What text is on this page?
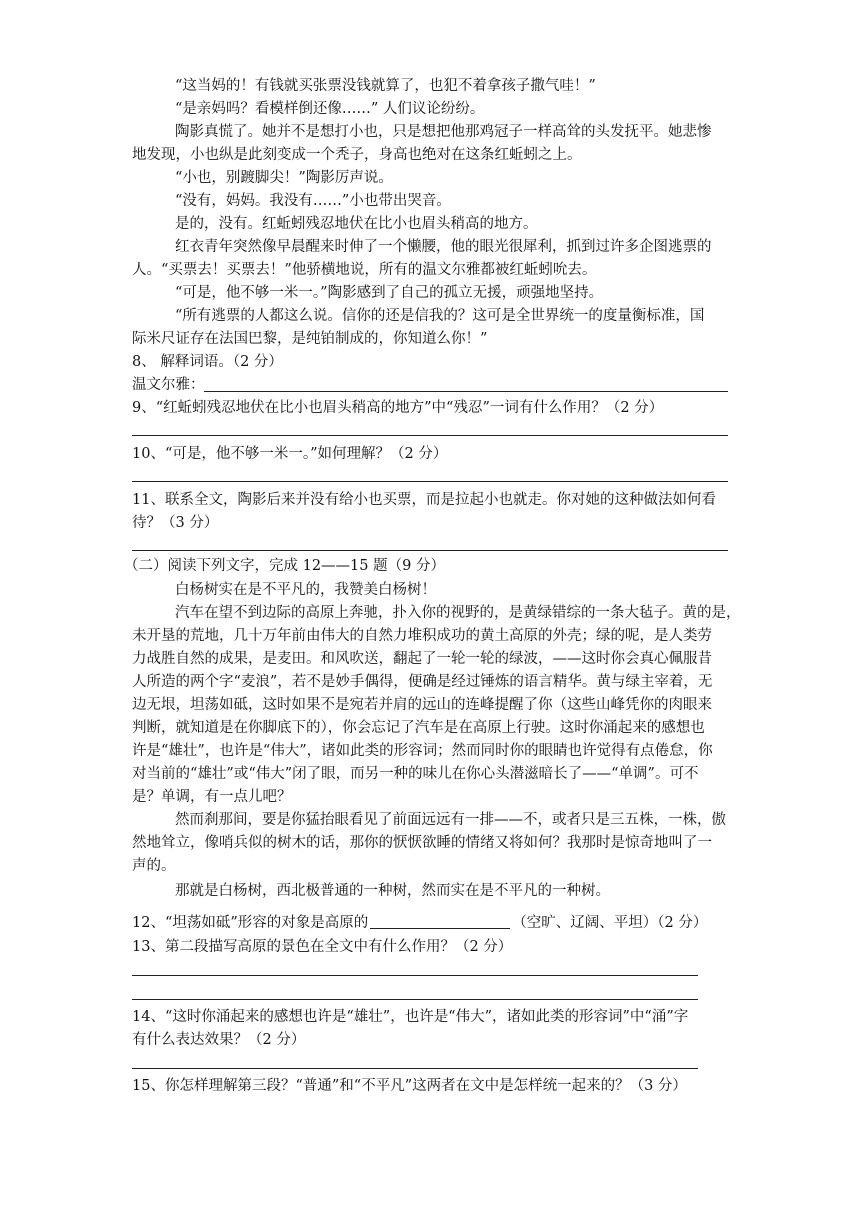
“这当妈的！有钱就买张票没钱就算了，也犯不着拿孩子撒气哇！”
“是亲妈吗？看模样倒还像……” 人们议论纷纷。
陶影真慌了。她并不是想打小也，只是想把他那鸡冠子一样高耸的头发抚平。她悲惨
地发现，小也纵是此刻变成一个秃子，身高也绝对在这条红蚯蚓之上。
“小也，别踱脚尖！”陶影厉声说。
“没有，妈妈。我没有……”小也带出哭音。
是的，没有。红蚯蚓残忍地伏在比小也眉头稍高的地方。
红衣青年突然像早晨醒来时伸了一个懒腰，他的眼光很犀利，抓到过许多企图逃票的
人。“买票去！买票去！”他骄横地说，所有的温文尔雅都被红蚯蚓吮去。
“可是，他不够一米一。”陶影感到了自己的孤立无援，顽强地坚持。
“所有逃票的人都这么说。信你的还是信我的？这可是全世界统一的度量衡标准，国
际米尺证存在法国巴黎，是纯铂制成的，你知道么你！”
8、 解释词语。（2 分）
温文尔雅：
9、“红蚯蚓残忍地伏在比小也眉头稍高的地方”中“残忍”一词有什么作用？（2 分）
10、“可是，他不够一米一。”如何理解？（2 分）
11、联系全文，陶影后来并没有给小也买票，而是拉起小也就走。你对她的这种做法如何看
待？（3 分）
（二）阅读下列文字，完成 12——15 题（9 分）
白杨树实在是不平凡的，我赞美白杨树！
汽车在望不到边际的高原上奔驰，扑入你的视野的，是黄绿错综的一条大毡子。黄的是，
未开垦的荒地，几十万年前由伟大的自然力堆积成功的黄土高原的外壳；绿的呢，是人类劳
力战胜自然的成果，是麦田。和风吹送，翻起了一轮一轮的绿波，——这时你会真心佩服昔
人所造的两个字“麦浪”，若不是妙手偶得，便确是经过锤炼的语言精华。黄与绿主宰着，无
边无垠，坦荡如砥，这时如果不是宛若并肩的远山的连峰提醒了你（这些山峰凭你的肉眼来
判断，就知道是在你脚底下的），你会忘记了汽车是在高原上行驶。这时你涌起来的感想也
许是“雄壮”，也许是“伟大”，诸如此类的形容词；然而同时你的眼睛也许觉得有点倦怠，你
对当前的“雄壮”或“伟大”闭了眼，而另一种的味儿在你心头潜滋暗长了——“单调”。可不
是？单调，有一点儿吧？
然而刹那间，要是你猛抬眼看见了前面远远有一排——不，或者只是三五株，一株，傲
然地耸立，像哨兵似的树木的话，那你的恹恹欲睡的情绪又将如何？我那时是惊奇地叫了一
声的。
那就是白杨树，西北极普通的一种树，然而实在是不平凡的一种树。
12、“坦荡如砥”形容的对象是高原的	（空旷、辽阔、平坦）（2 分）
13、第二段描写高原的景色在全文中有什么作用？（2 分）
14、“这时你涌起来的感想也许是“雄壮”，也许是“伟大”，诸如此类的形容词”中“涌”字
有什么表达效果？（2 分）
15、你怎样理解第三段？“普通”和“不平凡”这两者在文中是怎样统一起来的？（3 分）
